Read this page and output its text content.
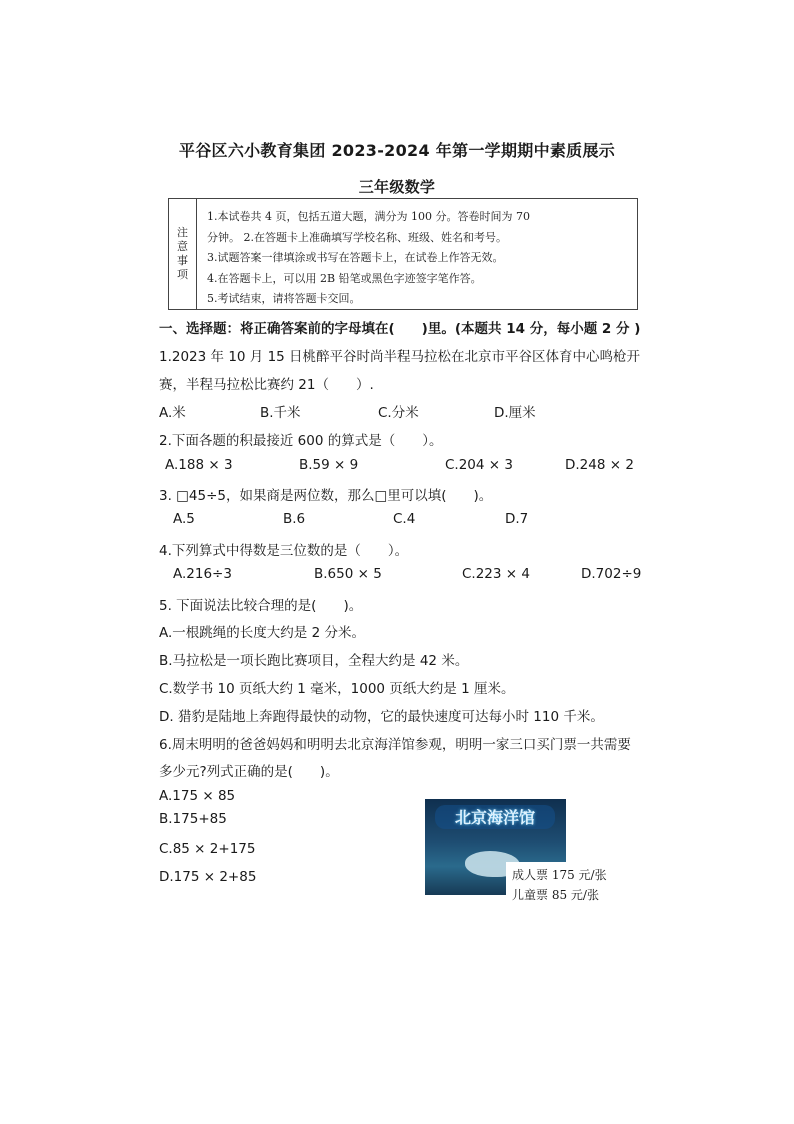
平谷区六小教育集团 2023-2024 年第一学期期中素质展示
三年级数学
注
意
事
项
1.本试卷共 4 页，包括五道大题，满分为 100 分。答卷时间为 70
分钟。 2.在答题卡上准确填写学校名称、班级、姓名和考号。
3.试题答案一律填涂或书写在答题卡上，在试卷上作答无效。
4.在答题卡上，可以用 2B 铅笔或黑色字迹签字笔作答。
5.考试结束，请将答题卡交回。
一、选择题：将正确答案前的字母填在(　　)里。(本题共 14 分，每小题 2 分 )
1.2023 年 10 月 15 日桃醉平谷时尚半程马拉松在北京市平谷区体育中心鸣枪开
赛，半程马拉松比赛约 21（　　）.
A.米	B.千米	C.分米	D.厘米
2.下面各题的积最接近 600 的算式是（　　）。
A.188 × 3	B.59 × 9	C.204 × 3	D.248 × 2
3. □45÷5，如果商是两位数，那么□里可以填(　　)。
A.5	B.6	C.4	D.7
4.下列算式中得数是三位数的是（　　）。
A.216÷3	B.650 × 5	C.223 × 4	D.702÷9
5. 下面说法比较合理的是(　　)。
A.一根跳绳的长度大约是 2 分米。
B.马拉松是一项长跑比赛项目，全程大约是 42 米。
C.数学书 10 页纸大约 1 毫米，1000 页纸大约是 1 厘米。
D. 猎豹是陆地上奔跑得最快的动物，它的最快速度可达每小时 110 千米。
6.周末明明的爸爸妈妈和明明去北京海洋馆参观，明明一家三口买门票一共需要
多少元?列式正确的是(　　)。
A.175 × 85
B.175+85
C.85 × 2+175
D.175 × 2+85
北京海洋馆
成人票 175 元/张
儿童票 85 元/张
